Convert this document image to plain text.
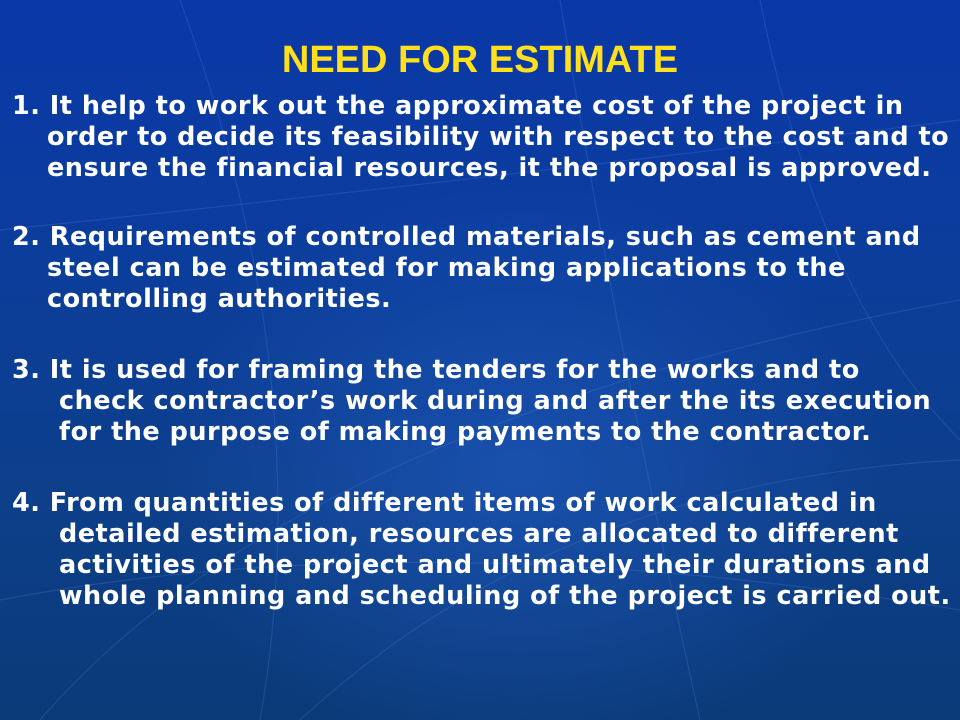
NEED FOR ESTIMATE

1. It help to work out the approximate cost of the project in order to decide its feasibility with respect to the cost and to ensure the financial resources, it the proposal is approved.

2. Requirements of controlled materials, such as cement and steel can be estimated for making applications to the controlling authorities.

3. It is used for framing the tenders for the works and to check contractor’s work during and after the its execution for the purpose of making payments to the contractor.

4. From quantities of different items of work calculated in detailed estimation, resources are allocated to different activities of the project and ultimately their durations and whole planning and scheduling of the project is carried out.
